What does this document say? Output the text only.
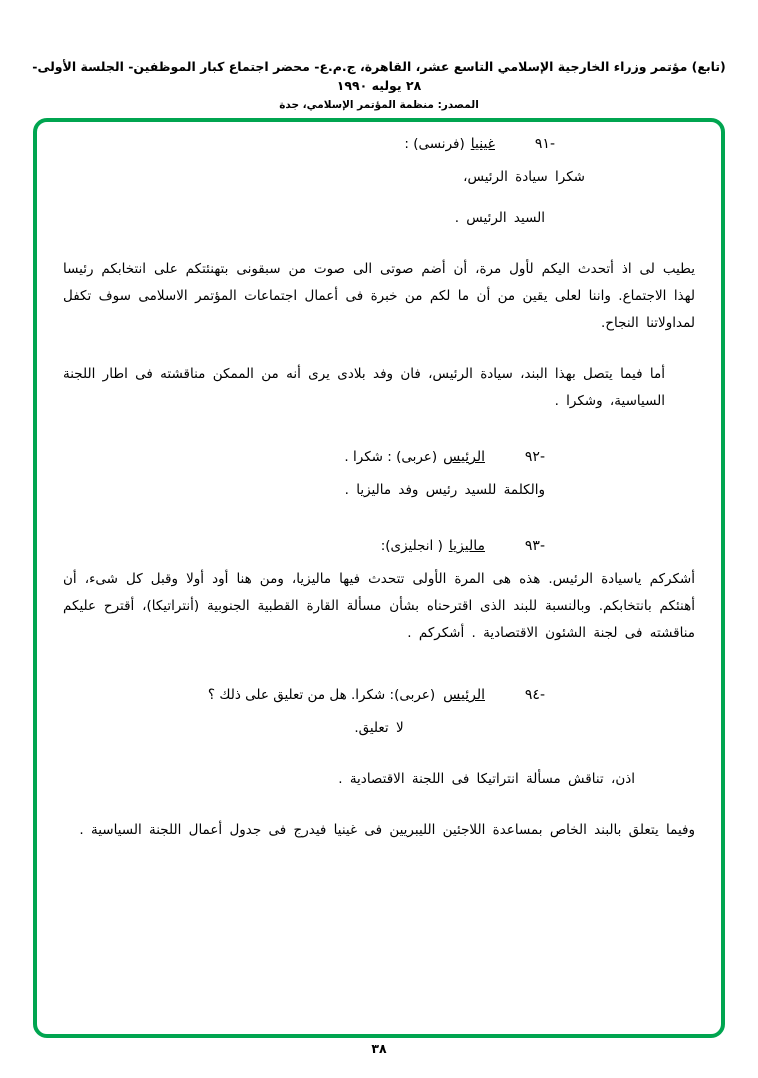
(تابع) مؤتمر وزراء الخارجية الإسلامي التاسع عشر، القاهرة، ج.م.ع- محضر اجتماع كبار الموظفين- الجلسة الأولى- ٢٨ يوليه ١٩٩٠
المصدر: منظمة المؤتمر الإسلامي، جدة
-٩١
غينيا
(فرنسى) :

شكرا سيادة الرئيس،

السيد الرئيس .

يطيب لى اذ أتحدث اليكم لأول مرة، أن أضم صوتى الى صوت من سبقونى بتهنئتكم على انتخابكم رئيسا لهذا الاجتماع. واننا لعلى يقين من أن ما لكم من خبرة فى أعمال اجتماعات المؤتمر الاسلامى سوف تكفل لمداولاتنا النجاح.

أما فيما يتصل بهذا البند، سيادة الرئيس، فان وفد بلادى يرى أنه من الممكن مناقشته فى اطار اللجنة السياسية، وشكرا .

-٩٢
الرئيس
(عربى) : شكرا .

والكلمة للسيد رئيس وفد ماليزيا .

-٩٣
ماليزيا
( انجليزى):

أشكركم ياسيادة الرئيس. هذه هى المرة الأولى تتحدث فيها ماليزيا، ومن هنا أود أولا وقبل كل شىء، أن أهنئكم بانتخابكم. وبالنسبة للبند الذى اقترحناه بشأن مسألة القارة القطبية الجنوبية (أنتراتيكا)، أقترح عليكم مناقشته فى لجنة الشئون الاقتصادية . أشكركم .

-٩٤
الرئيس
(عربى): شكرا. هل من تعليق على ذلك ؟

لا تعليق.

اذن، تناقش مسألة انتراتيكا فى اللجنة الاقتصادية .

وفيما يتعلق بالبند الخاص بمساعدة اللاجئين الليبريين فى غينيا فيدرج فى جدول أعمال اللجنة السياسية .

٣٨
